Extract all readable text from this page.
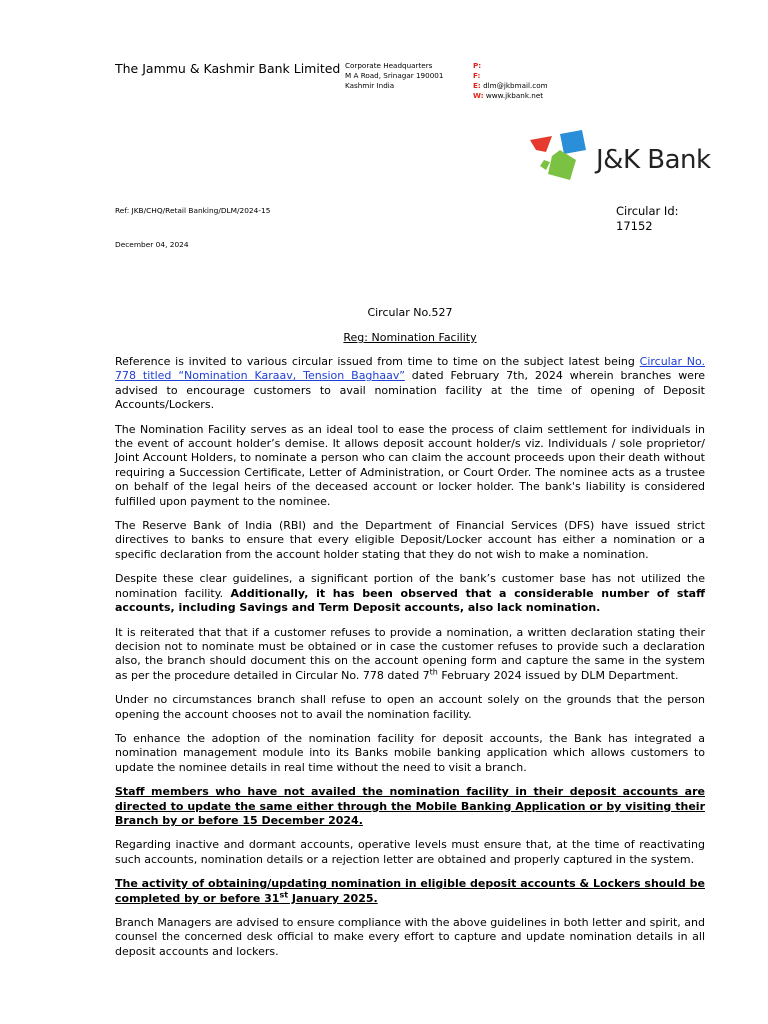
The Jammu & Kashmir Bank Limited Corporate Headquarters
M A Road, Srinagar 190001
Kashmir India
P:
F:
E: dlm@jkbmail.com
W: www.jkbank.net
J&K Bank
Ref: JKB/CHQ/Retail Banking/DLM/2024-15	Circular Id:
17152
December 04, 2024
Circular No.527
Reg: Nomination Facility

Reference is invited to various circular issued from time to time on the subject latest being Circular No. 778 titled “Nomination Karaav, Tension Baghaav” dated February 7th, 2024 wherein branches were advised to encourage customers to avail nomination facility at the time of opening of Deposit Accounts/Lockers.

The Nomination Facility serves as an ideal tool to ease the process of claim settlement for individuals in the event of account holder’s demise. It allows deposit account holder/s viz. Individuals / sole proprietor/ Joint Account Holders, to nominate a person who can claim the account proceeds upon their death without requiring a Succession Certificate, Letter of Administration, or Court Order. The nominee acts as a trustee on behalf of the legal heirs of the deceased account or locker holder. The bank's liability is considered fulfilled upon payment to the nominee.

The Reserve Bank of India (RBI) and the Department of Financial Services (DFS) have issued strict directives to banks to ensure that every eligible Deposit/Locker account has either a nomination or a specific declaration from the account holder stating that they do not wish to make a nomination.

Despite these clear guidelines, a significant portion of the bank’s customer base has not utilized the nomination facility. Additionally, it has been observed that a considerable number of staff accounts, including Savings and Term Deposit accounts, also lack nomination.

It is reiterated that that if a customer refuses to provide a nomination, a written declaration stating their decision not to nominate must be obtained or in case the customer refuses to provide such a declaration also, the branch should document this on the account opening form and capture the same in the system as per the procedure detailed in Circular No. 778 dated 7th February 2024 issued by DLM Department.

Under no circumstances branch shall refuse to open an account solely on the grounds that the person opening the account chooses not to avail the nomination facility.

To enhance the adoption of the nomination facility for deposit accounts, the Bank has integrated a nomination management module into its Banks mobile banking application which allows customers to update the nominee details in real time without the need to visit a branch.

Staff members who have not availed the nomination facility in their deposit accounts are directed to update the same either through the Mobile Banking Application or by visiting their Branch by or before 15 December 2024.

Regarding inactive and dormant accounts, operative levels must ensure that, at the time of reactivating such accounts, nomination details or a rejection letter are obtained and properly captured in the system.

The activity of obtaining/updating nomination in eligible deposit accounts & Lockers should be completed by or before 31st January 2025.

Branch Managers are advised to ensure compliance with the above guidelines in both letter and spirit, and counsel the concerned desk official to make every effort to capture and update nomination details in all deposit accounts and lockers.
